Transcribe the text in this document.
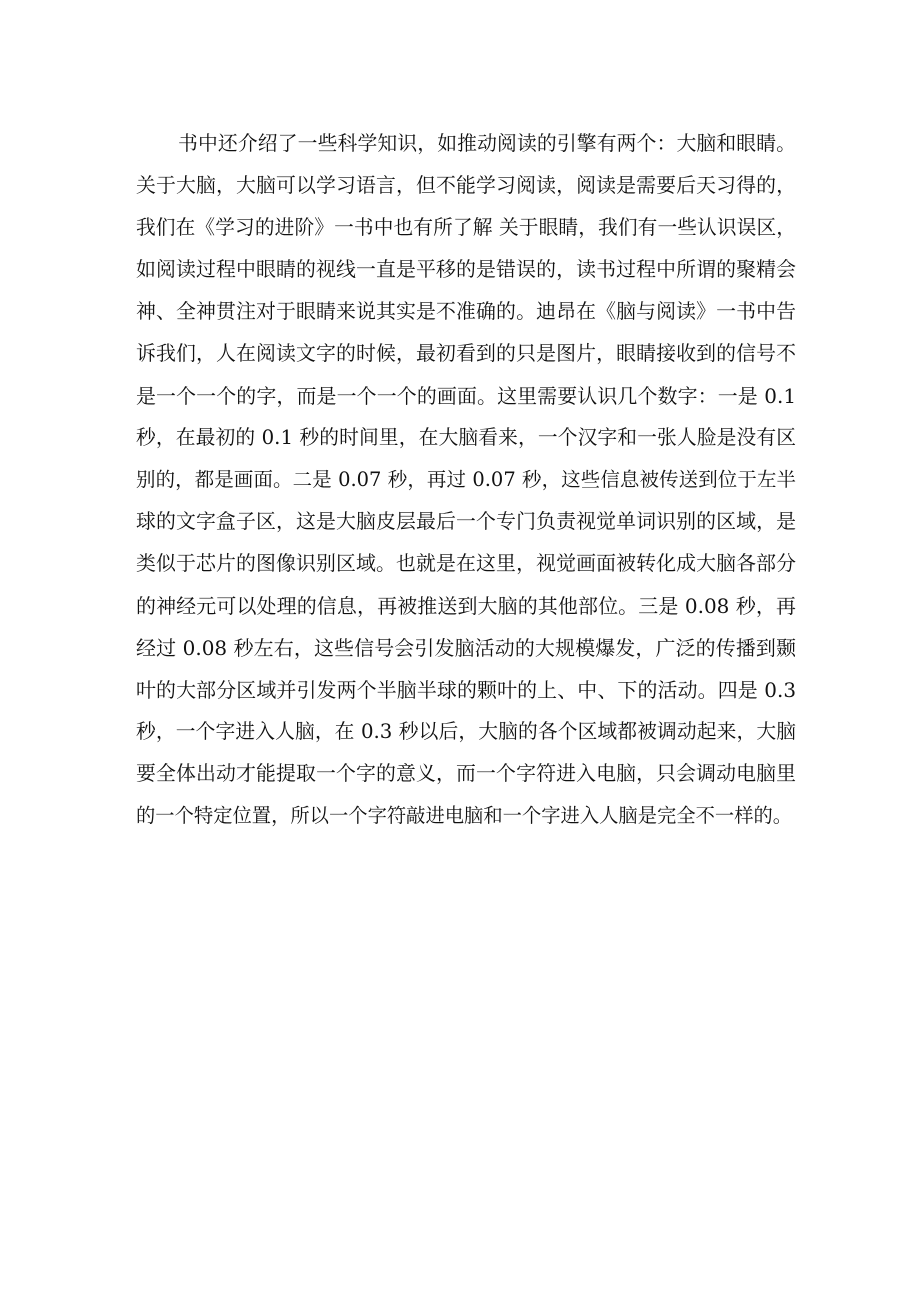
书中还介绍了一些科学知识，如推动阅读的引擎有两个：大脑和眼睛。
关于大脑，大脑可以学习语言，但不能学习阅读，阅读是需要后天习得的，
我们在《学习的进阶》一书中也有所了解 关于眼睛，我们有一些认识误区，
如阅读过程中眼睛的视线一直是平移的是错误的，读书过程中所谓的聚精会
神、全神贯注对于眼睛来说其实是不准确的。迪昂在《脑与阅读》一书中告
诉我们，人在阅读文字的时候，最初看到的只是图片，眼睛接收到的信号不
是一个一个的字，而是一个一个的画面。这里需要认识几个数字：一是 0.1
秒，在最初的 0.1 秒的时间里，在大脑看来，一个汉字和一张人脸是没有区
别的，都是画面。二是 0.07 秒，再过 0.07 秒，这些信息被传送到位于左半
球的文字盒子区，这是大脑皮层最后一个专门负责视觉单词识别的区域，是
类似于芯片的图像识别区域。也就是在这里，视觉画面被转化成大脑各部分
的神经元可以处理的信息，再被推送到大脑的其他部位。三是 0.08 秒，再
经过 0.08 秒左右，这些信号会引发脑活动的大规模爆发，广泛的传播到颞
叶的大部分区域并引发两个半脑半球的颗叶的上、中、下的活动。四是 0.3
秒，一个字进入人脑，在 0.3 秒以后，大脑的各个区域都被调动起来，大脑
要全体出动才能提取一个字的意义，而一个字符进入电脑，只会调动电脑里
的一个特定位置，所以一个字符敲进电脑和一个字进入人脑是完全不一样的。
